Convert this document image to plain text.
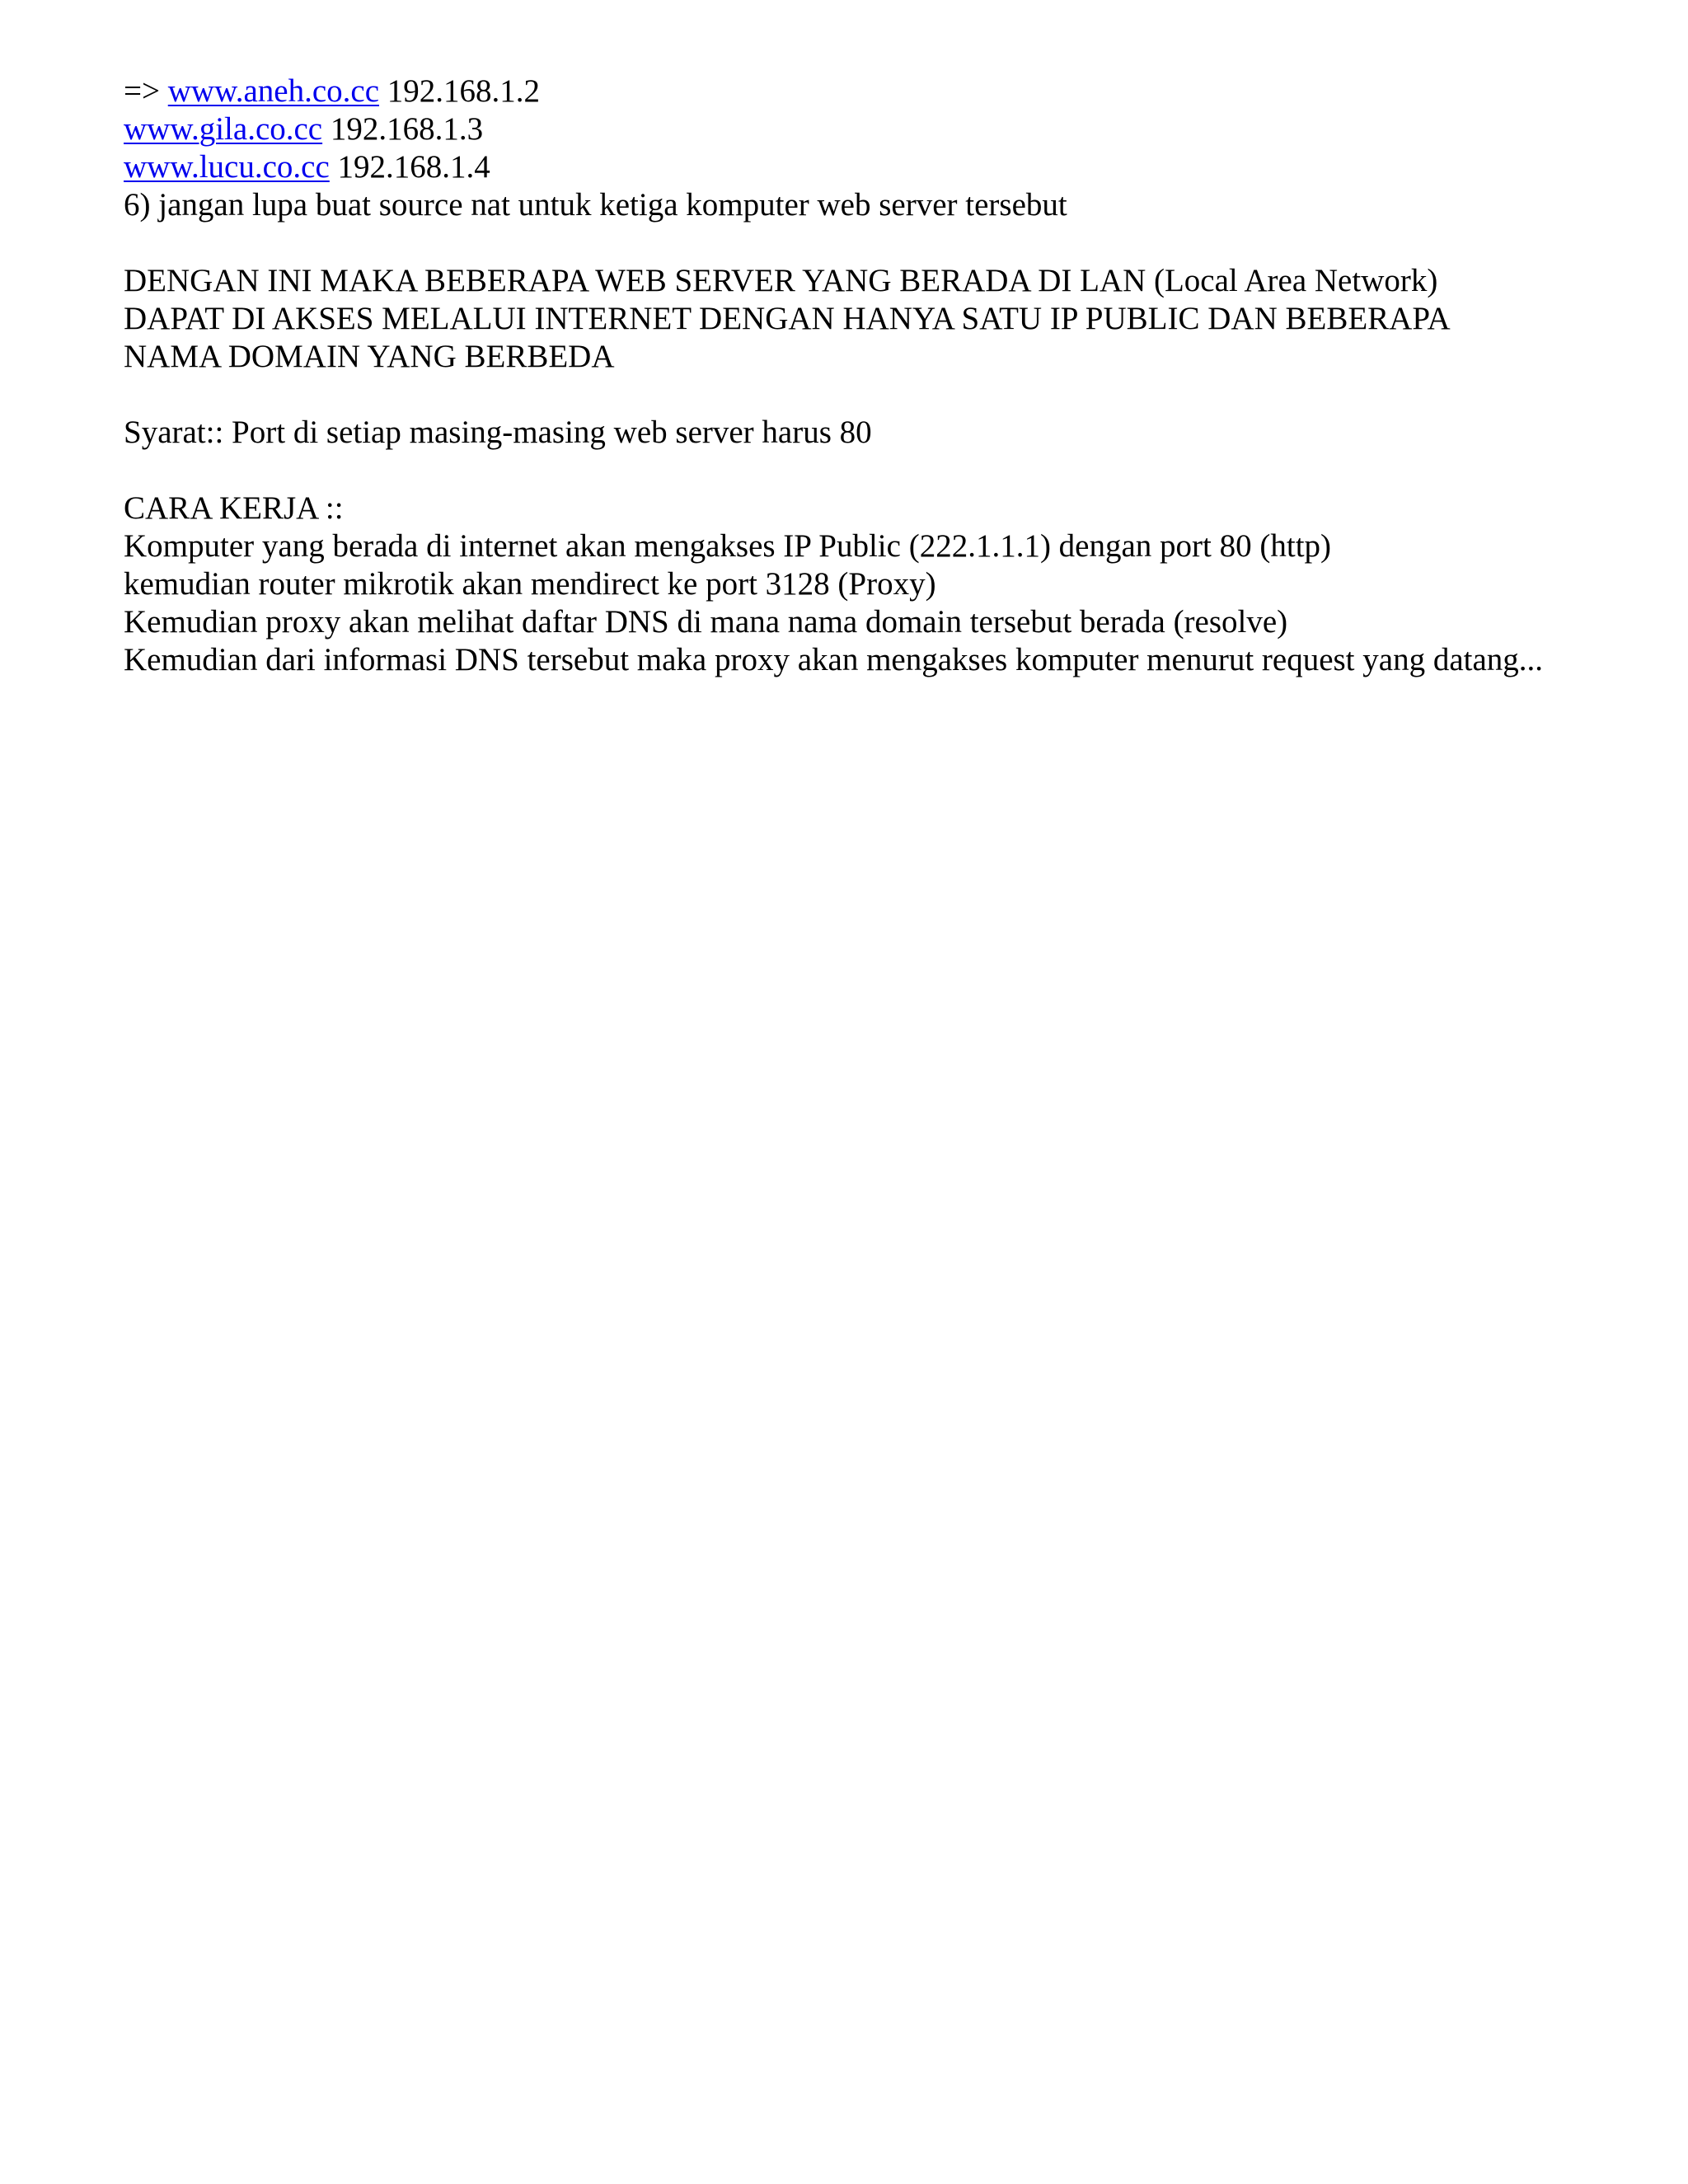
=> www.aneh.co.cc 192.168.1.2
www.gila.co.cc 192.168.1.3
www.lucu.co.cc 192.168.1.4
6) jangan lupa buat source nat untuk ketiga komputer web server tersebut
DENGAN INI MAKA BEBERAPA WEB SERVER YANG BERADA DI LAN (Local Area Network)
DAPAT DI AKSES MELALUI INTERNET DENGAN HANYA SATU IP PUBLIC DAN BEBERAPA
NAMA DOMAIN YANG BERBEDA
Syarat:: Port di setiap masing-masing web server harus 80
CARA KERJA ::
Komputer yang berada di internet akan mengakses IP Public (222.1.1.1) dengan port 80 (http)
kemudian router mikrotik akan mendirect ke port 3128 (Proxy)
Kemudian proxy akan melihat daftar DNS di mana nama domain tersebut berada (resolve)
Kemudian dari informasi DNS tersebut maka proxy akan mengakses komputer menurut request yang datang...
